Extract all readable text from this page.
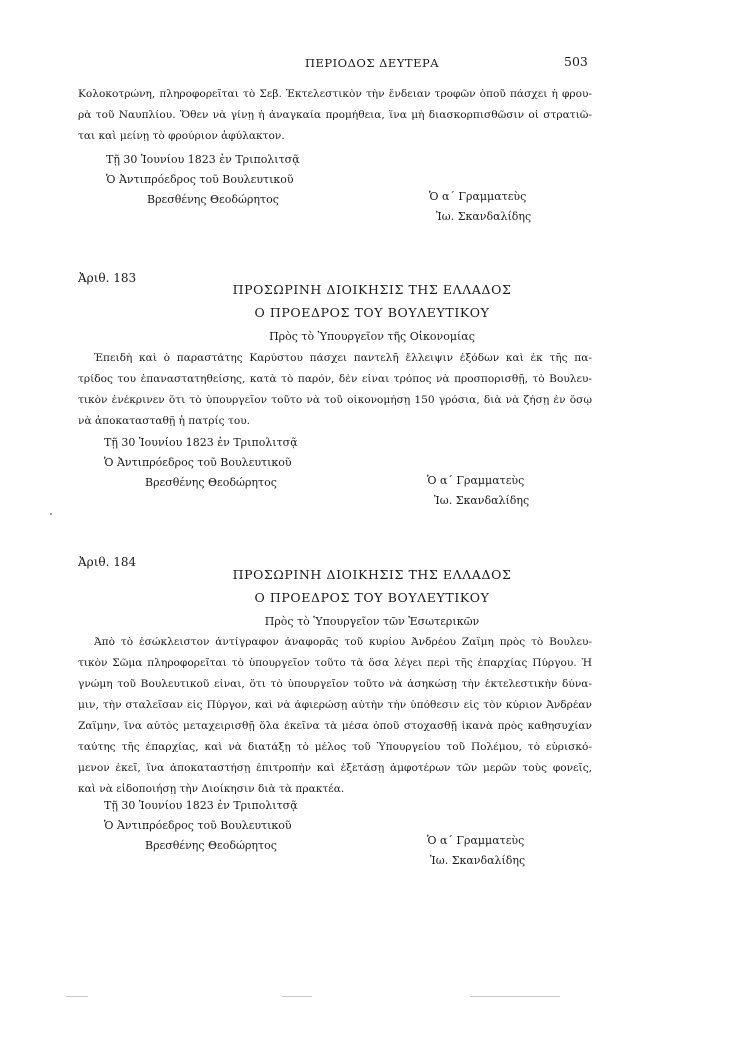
ΠΕΡΙΟΔΟΣ ΔΕΥΤΕΡΑ	503
Κολοκοτρώνη, πληροφορεῖται τὸ Σεβ. Ἐκτελεστικὸν τὴν ἔνδειαν τροφῶν ὁποῦ πάσχει ἡ φρου-
ρὰ τοῦ Ναυπλίου. Ὅθεν νὰ γίνῃ ἡ ἀναγκαία προμήθεια, ἵνα μὴ διασκορπισθῶσιν οἱ στρατιῶ-
ται καὶ μείνῃ τὸ φρούριον ἀφύλακτον.
Τῇ 30 Ἰουνίου 1823 ἐν Τριπολιτσᾷ
Ὁ Ἀντιπρόεδρος τοῦ Βουλευτικοῦ
Βρεσθένης Θεοδώρητος	Ὁ α΄ Γραμματεὺς
Ἰω. Σκανδαλίδης
Ἀριθ. 183
ΠΡΟΣΩΡΙΝΗ ΔΙΟΙΚΗΣΙΣ ΤΗΣ ΕΛΛΑΔΟΣ
Ο ΠΡΟΕΔΡΟΣ ΤΟΥ ΒΟΥΛΕΥΤΙΚΟΥ
Πρὸς τὸ Ὑπουργεῖον τῆς Οἰκονομίας
Ἐπειδὴ καὶ ὁ παραστάτης Καρύστου πάσχει παντελῆ ἔλλειψιν ἐξόδων καὶ ἐκ τῆς πα-
τρίδος του ἐπαναστατηθείσης, κατὰ τὸ παρόν, δὲν εἶναι τρόπος νὰ προσπορισθῇ, τὸ Βουλευ-
τικὸν ἐνέκρινεν ὅτι τὸ ὑπουργεῖον τοῦτο νὰ τοῦ οἰκονομήσῃ 150 γρόσια, διὰ νὰ ζήσῃ ἐν ὅσῳ
νὰ ἀποκατασταθῇ ἡ πατρίς του.
Τῇ 30 Ἰουνίου 1823 ἐν Τριπολιτσᾷ
Ὁ Ἀντιπρόεδρος τοῦ Βουλευτικοῦ
Βρεσθένης Θεοδώρητος	Ὁ α΄ Γραμματεὺς
Ἰω. Σκανδαλίδης
Ἀριθ. 184
ΠΡΟΣΩΡΙΝΗ ΔΙΟΙΚΗΣΙΣ ΤΗΣ ΕΛΛΑΔΟΣ
Ο ΠΡΟΕΔΡΟΣ ΤΟΥ ΒΟΥΛΕΥΤΙΚΟΥ
Πρὸς τὸ Ὑπουργεῖον τῶν Ἐσωτερικῶν
Ἀπὸ τὸ ἐσώκλειστον ἀντίγραφον ἀναφορᾶς τοῦ κυρίου Ἀνδρέου Ζαΐμη πρὸς τὸ Βουλευ-
τικὸν Σῶμα πληροφορεῖται τὸ ὑπουργεῖον τοῦτο τὰ ὅσα λέγει περὶ τῆς ἐπαρχίας Πύργου. Ἡ
γνώμη τοῦ Βουλευτικοῦ εἶναι, ὅτι τὸ ὑπουργεῖον τοῦτο νὰ ἀσηκώσῃ τὴν ἐκτελεστικὴν δύνα-
μιν, τὴν σταλεῖσαν εἰς Πύργον, καὶ νὰ ἀφιερώσῃ αὐτὴν τὴν ὑπόθεσιν εἰς τὸν κύριον Ἀνδρέαν
Ζαΐμην, ἵνα αὐτὸς μεταχειρισθῇ ὅλα ἐκεῖνα τὰ μέσα ὁποῦ στοχασθῇ ἱκανὰ πρὸς καθησυχίαν
ταύτης τῆς ἐπαρχίας, καὶ νὰ διατάξῃ τὸ μέλος τοῦ Ὑπουργείου τοῦ Πολέμου, τὸ εὑρισκό-
μενον ἐκεῖ, ἵνα ἀποκαταστήσῃ ἐπιτροπὴν καὶ ἐξετάσῃ ἀμφοτέρων τῶν μερῶν τοὺς φονεῖς,
καὶ νὰ εἰδοποιήσῃ τὴν Διοίκησιν διὰ τὰ πρακτέα.
Τῇ 30 Ἰουνίου 1823 ἐν Τριπολιτσᾷ
Ὁ Ἀντιπρόεδρος τοῦ Βουλευτικοῦ
Βρεσθένης Θεοδώρητος	Ὁ α΄ Γραμματεὺς
Ἰω. Σκανδαλίδης
